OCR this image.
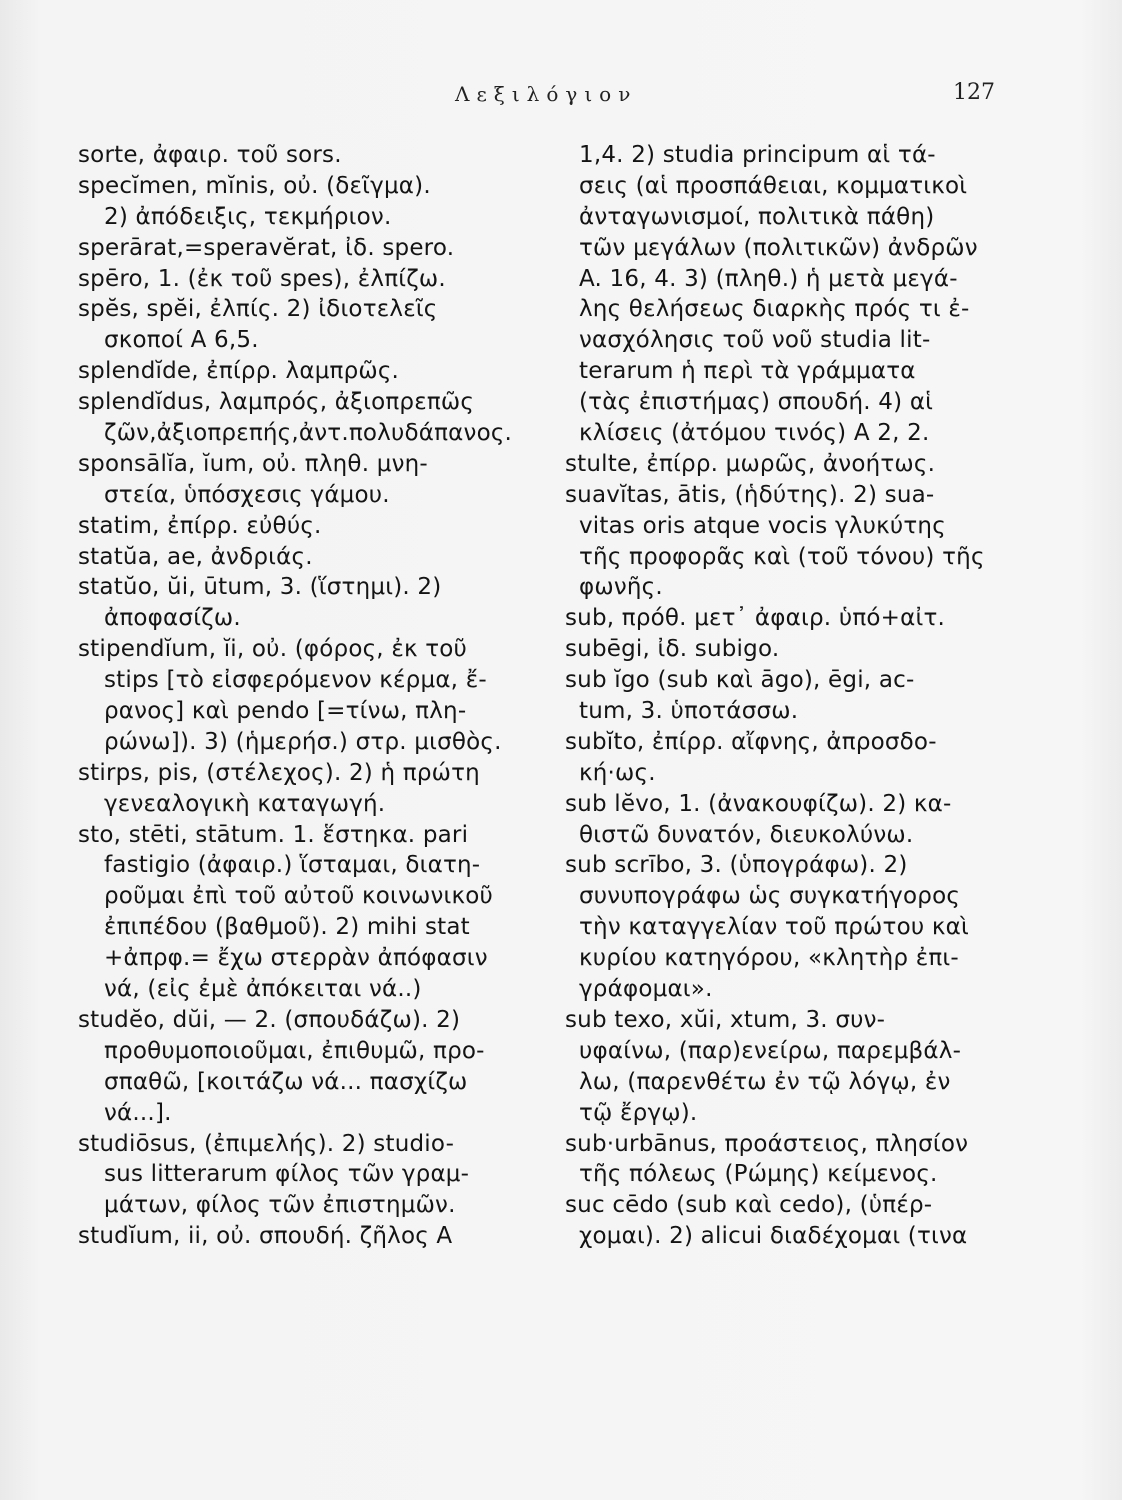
Λεξιλόγιον	127
sorte, ἀφαιρ. τοῦ sors.
specĭmen, mĭnis, οὐ. (δεῖγμα).
2) ἀπόδειξις, τεκμήριον.
sperārat,=speravĕrat, ἰδ. spero.
spēro, 1. (ἐκ τοῦ spes), ἐλπίζω.
spĕs, spĕi, ἐλπίς. 2) ἰδιοτελεῖς
σκοποί A 6,5.
splendĭde, ἐπίρρ. λαμπρῶς.
splendĭdus, λαμπρός, ἀξιοπρεπῶς
ζῶν,ἀξιοπρεπής,ἀντ.πολυδάπανος.
sponsālĭa, ĭum, οὐ. πληθ. μνη-
στεία, ὑπόσχεσις γάμου.
statim, ἐπίρρ. εὐθύς.
statŭa, ae, ἀνδριάς.
statŭo, ŭi, ūtum, 3. (ἵστημι). 2)
ἀποφασίζω.
stipendĭum, ĭi, οὐ. (φόρος, ἐκ τοῦ
stips [τὸ εἰσφερόμενον κέρμα, ἔ-
ρανος] καὶ pendo [=τίνω, πλη-
ρώνω]). 3) (ἡμερήσ.) στρ. μισθὸς.
stirps, pis, (στέλεχος). 2) ἡ πρώτη
γενεαλογικὴ καταγωγή.
sto, stēti, stātum. 1. ἕστηκα. pari
fastigio (ἀφαιρ.) ἵσταμαι, διατη-
ροῦμαι ἐπὶ τοῦ αὐτοῦ κοινωνικοῦ
ἐπιπέδου (βαθμοῦ). 2) mihi stat
+ἀπρφ.= ἔχω στερρὰν ἀπόφασιν
νά, (εἰς ἐμὲ ἀπόκειται νά..)
studĕo, dŭi, — 2. (σπουδάζω). 2)
προθυμοποιοῦμαι, ἐπιθυμῶ, προ-
σπαθῶ, [κοιτάζω νά... πασχίζω
νά...].
studiōsus, (ἐπιμελής). 2) studio-
sus litterarum φίλος τῶν γραμ-
μάτων, φίλος τῶν ἐπιστημῶν.
studĭum, ii, οὐ. σπουδή. ζῆλος A
1,4. 2) studia principum αἱ τά-
σεις (αἱ προσπάθειαι, κομματικοὶ
ἀνταγωνισμοί, πολιτικὰ πάθη)
τῶν μεγάλων (πολιτικῶν) ἀνδρῶν
A. 16, 4. 3) (πληθ.) ἡ μετὰ μεγά-
λης θελήσεως διαρκὴς πρός τι ἐ-
νασχόλησις τοῦ νοῦ studia lit-
terarum ἡ περὶ τὰ γράμματα
(τὰς ἐπιστήμας) σπουδή. 4) αἱ
κλίσεις (ἀτόμου τινός) A 2, 2.
stulte, ἐπίρρ. μωρῶς, ἀνοήτως.
suavĭtas, ātis, (ἡδύτης). 2) sua-
vitas oris atque vocis γλυκύτης
τῆς προφορᾶς καὶ (τοῦ τόνου) τῆς
φωνῆς.
sub, πρόθ. μετ᾽ ἀφαιρ. ὑπό+αἰτ.
subēgi, ἰδ. subigo.
sub ĭgo (sub καὶ āgo), ēgi, ac-
tum, 3. ὑποτάσσω.
subĭto, ἐπίρρ. αἴφνης, ἀπροσδο-
κή·ως.
sub lĕvo, 1. (ἀνακουφίζω). 2) κα-
θιστῶ δυνατόν, διευκολύνω.
sub scrībo, 3. (ὑπογράφω). 2)
συνυπογράφω ὡς συγκατήγορος
τὴν καταγγελίαν τοῦ πρώτου καὶ
κυρίου κατηγόρου, «κλητὴρ ἐπι-
γράφομαι».
sub texo, xŭi, xtum, 3. συν-
υφαίνω, (παρ)ενείρω, παρεμβάλ-
λω, (παρενθέτω ἐν τῷ λόγῳ, ἐν
τῷ ἔργῳ).
sub·urbānus, προάστειος, πλησίον
τῆς πόλεως (Ρώμης) κείμενος.
suc cēdo (sub καὶ cedo), (ὑπέρ-
χομαι). 2) alicui διαδέχομαι (τινα
